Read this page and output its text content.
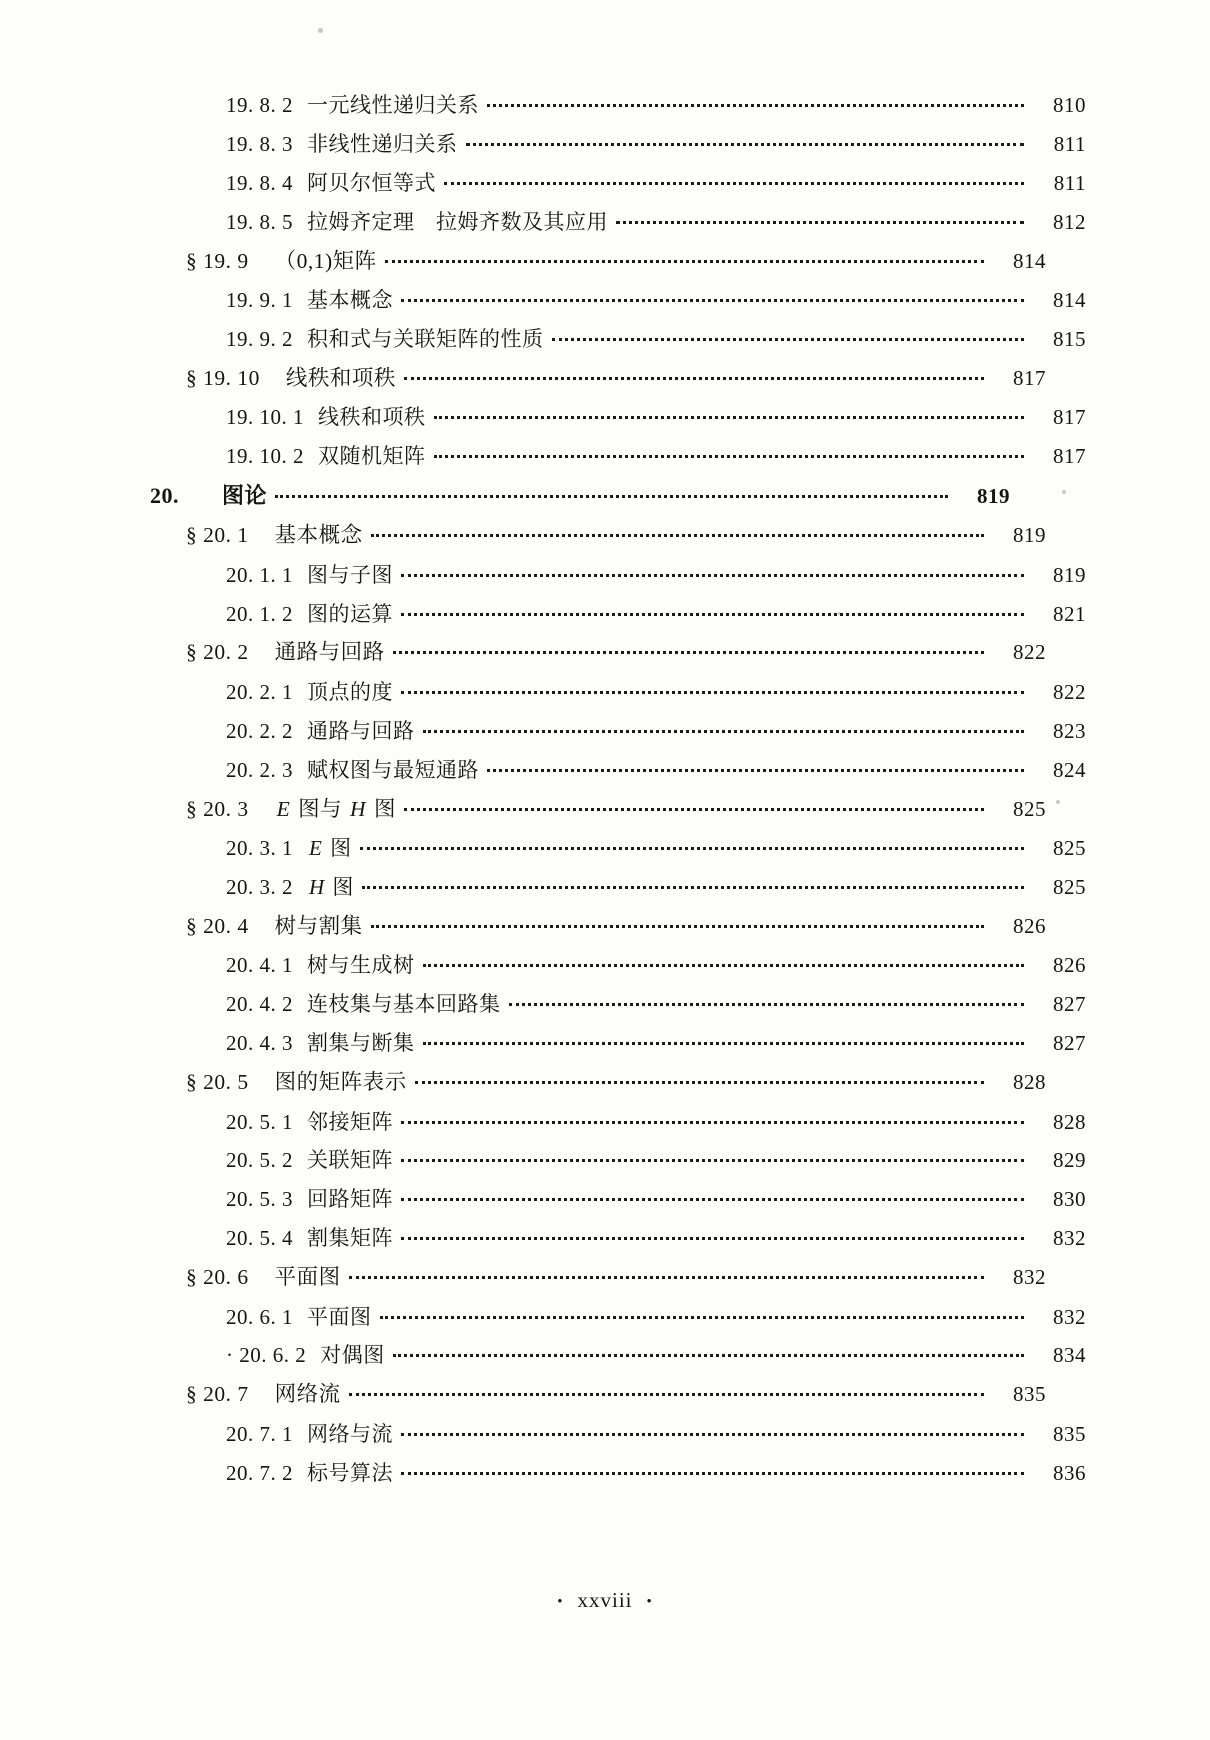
19. 8. 2 一元线性递归关系	810
19. 8. 3 非线性递归关系	811
19. 8. 4 阿贝尔恒等式	811
19. 8. 5 拉姆齐定理　拉姆齐数及其应用	812
§ 19. 9 （0,1)矩阵	814
19. 9. 1 基本概念	814
19. 9. 2 积和式与关联矩阵的性质	815
§ 19. 10 线秩和项秩	817
19. 10. 1 线秩和项秩	817
19. 10. 2 双随机矩阵	817
20. 图论	819
§ 20. 1 基本概念	819
20. 1. 1 图与子图	819
20. 1. 2 图的运算	821
§ 20. 2 通路与回路	822
20. 2. 1 顶点的度	822
20. 2. 2 通路与回路	823
20. 2. 3 赋权图与最短通路	824
§ 20. 3 E 图与 H 图	825
20. 3. 1 E 图	825
20. 3. 2 H 图	825
§ 20. 4 树与割集	826
20. 4. 1 树与生成树	826
20. 4. 2 连枝集与基本回路集	827
20. 4. 3 割集与断集	827
§ 20. 5 图的矩阵表示	828
20. 5. 1 邻接矩阵	828
20. 5. 2 关联矩阵	829
20. 5. 3 回路矩阵	830
20. 5. 4 割集矩阵	832
§ 20. 6 平面图	832
20. 6. 1 平面图	832
· 20. 6. 2 对偶图	834
§ 20. 7 网络流	835
20. 7. 1 网络与流	835
20. 7. 2 标号算法	836
• xxviii •
